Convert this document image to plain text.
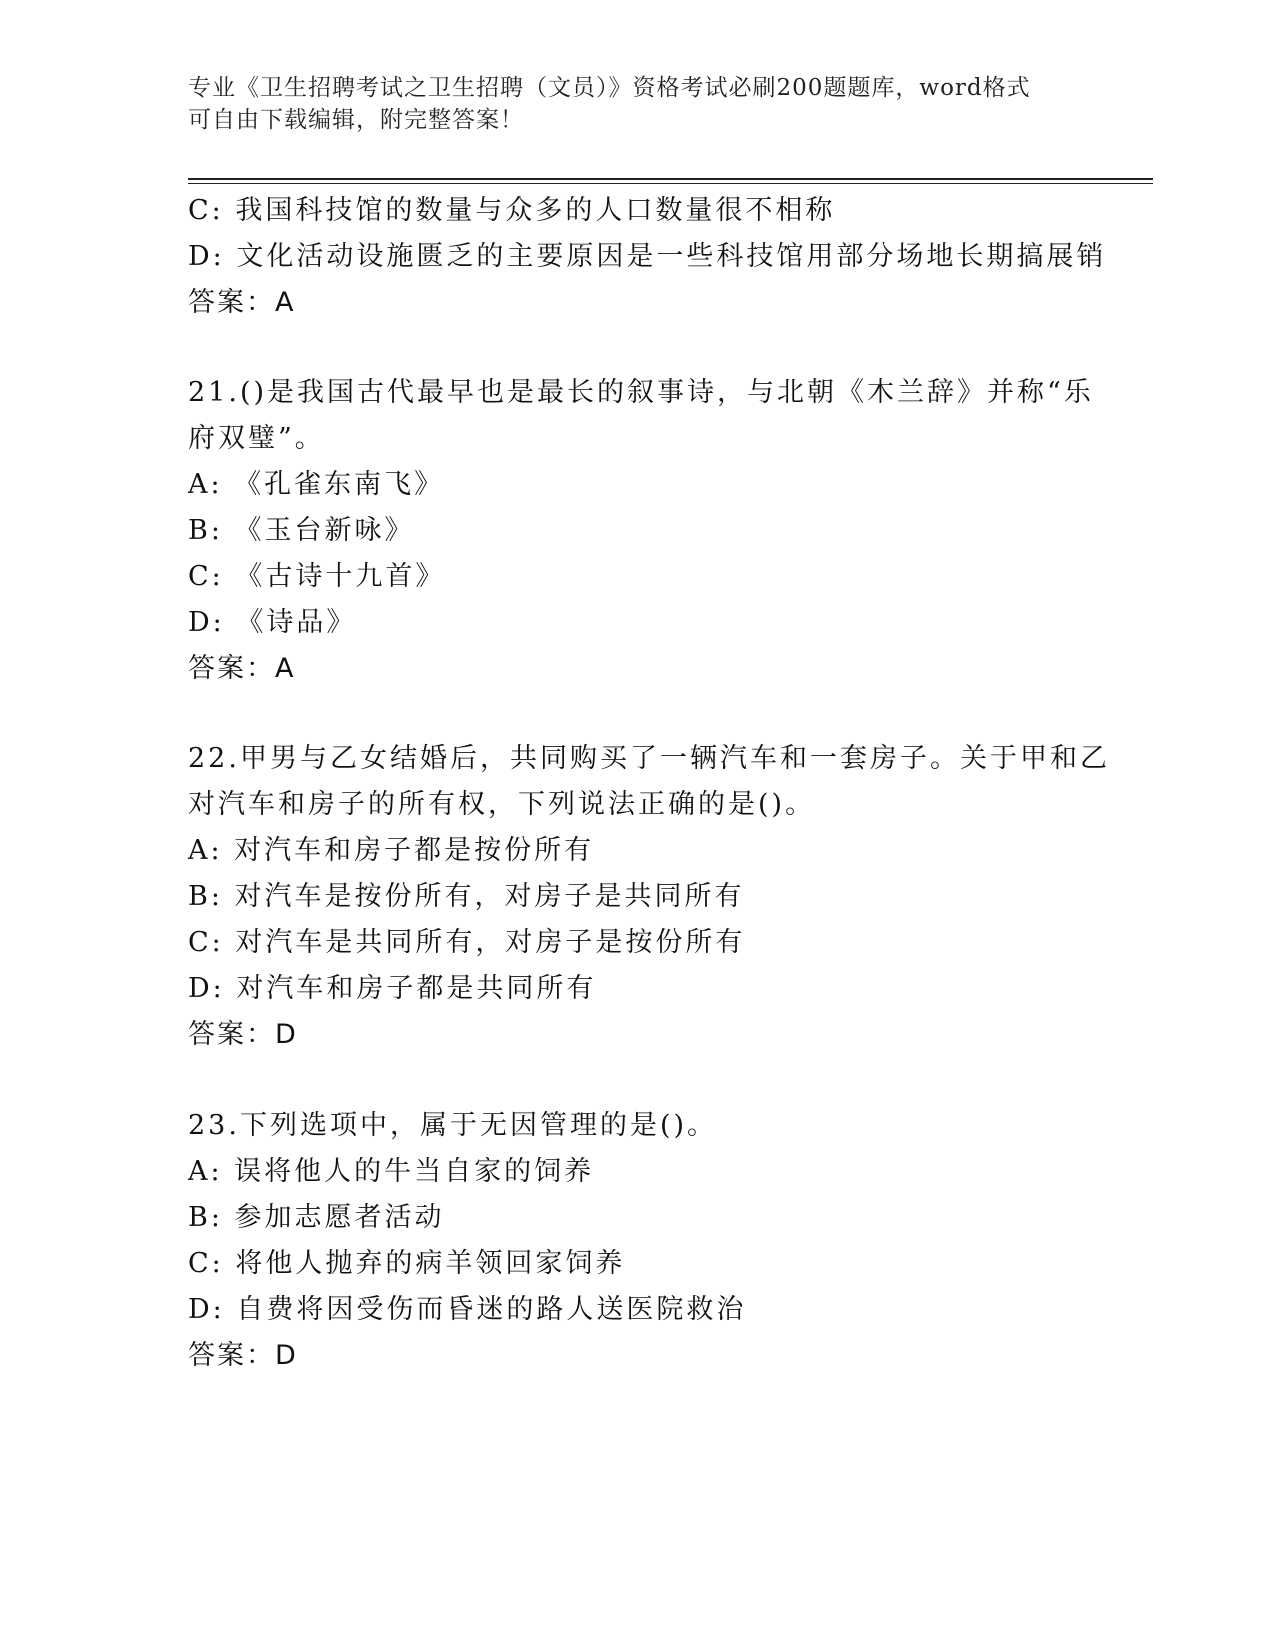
专业《卫生招聘考试之卫生招聘（文员）》资格考试必刷200题题库，word格式
可自由下载编辑，附完整答案！
C: 我国科技馆的数量与众多的人口数量很不相称
D: 文化活动设施匮乏的主要原因是一些科技馆用部分场地长期搞展销
答案：A
21.()是我国古代最早也是最长的叙事诗，与北朝《木兰辞》并称“乐
府双璧”。
A: 《孔雀东南飞》
B: 《玉台新咏》
C: 《古诗十九首》
D: 《诗品》
答案：A
22.甲男与乙女结婚后，共同购买了一辆汽车和一套房子。关于甲和乙
对汽车和房子的所有权，下列说法正确的是()。
A: 对汽车和房子都是按份所有
B: 对汽车是按份所有，对房子是共同所有
C: 对汽车是共同所有，对房子是按份所有
D: 对汽车和房子都是共同所有
答案：D
23.下列选项中，属于无因管理的是()。
A: 误将他人的牛当自家的饲养
B: 参加志愿者活动
C: 将他人抛弃的病羊领回家饲养
D: 自费将因受伤而昏迷的路人送医院救治
答案：D
